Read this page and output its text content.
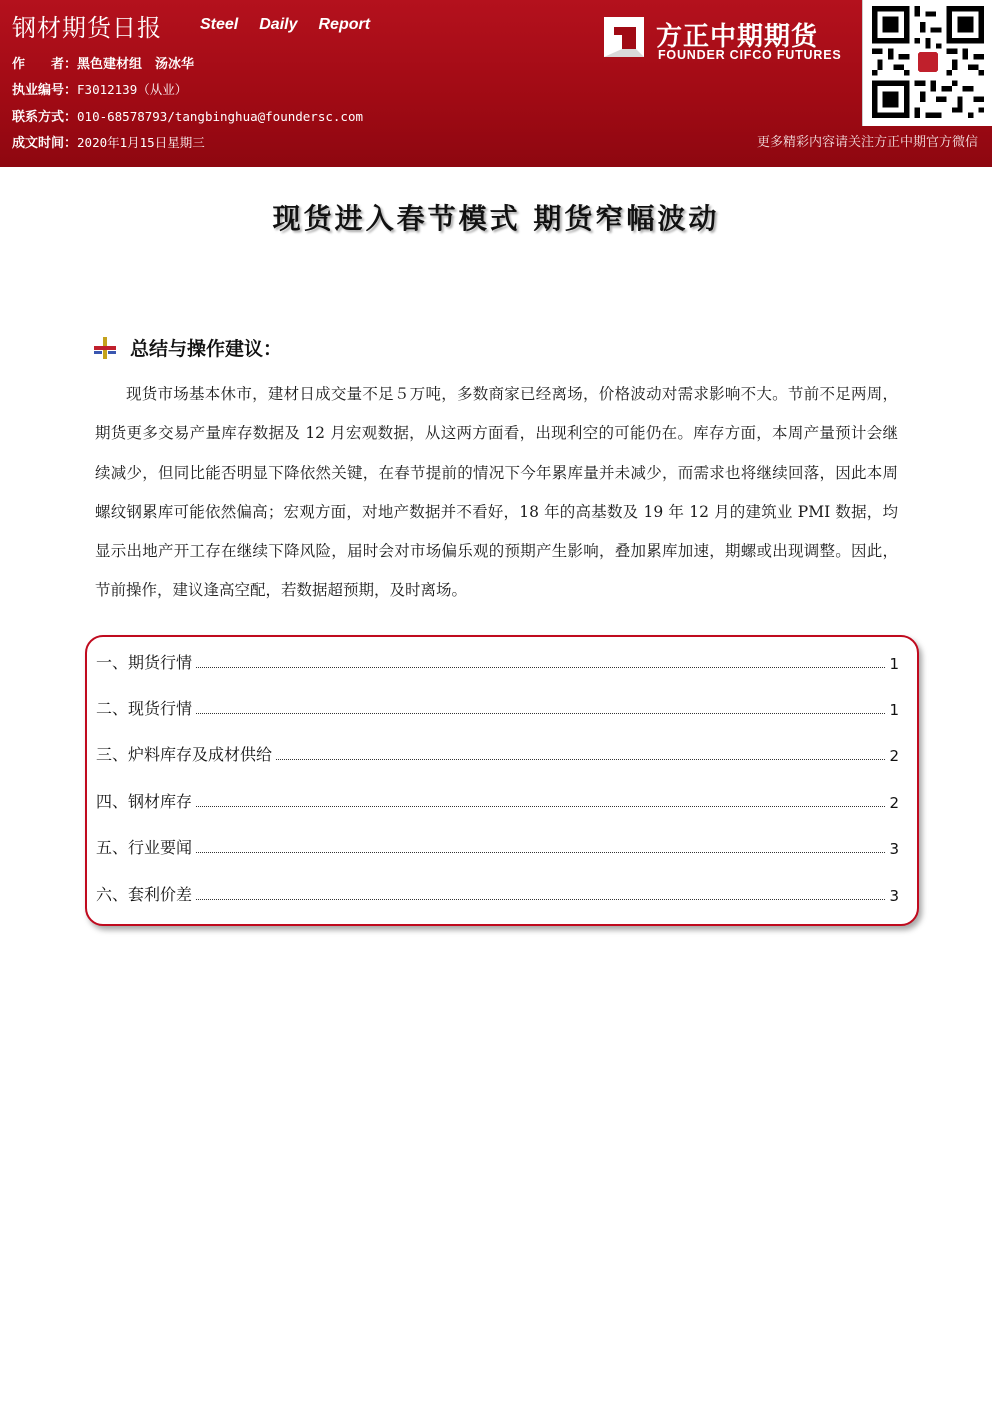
钢材期货日报 Steel Daily Report
作　　者：黑色建材组　汤冰华
执业编号：F3012139（从业）
联系方式：010-68578793/tangbinghua@foundersc.com
成文时间：2020年1月15日星期三
方正中期期货
FOUNDER CIFCO FUTURES
更多精彩内容请关注方正中期官方微信
现货进入春节模式 期货窄幅波动
总结与操作建议：
现货市场基本休市，建材日成交量不足５万吨，多数商家已经离场，价格波动对需求影响不大。节前不足两周，期货更多交易产量库存数据及 12 月宏观数据，从这两方面看，出现利空的可能仍在。库存方面，本周产量预计会继续减少，但同比能否明显下降依然关键，在春节提前的情况下今年累库量并未减少，而需求也将继续回落，因此本周螺纹钢累库可能依然偏高；宏观方面，对地产数据并不看好，18 年的高基数及 19 年 12 月的建筑业 PMI 数据，均显示出地产开工存在继续下降风险，届时会对市场偏乐观的预期产生影响，叠加累库加速，期螺或出现调整。因此，节前操作，建议逢高空配，若数据超预期，及时离场。
一、期货行情	1
二、现货行情	1
三、炉料库存及成材供给	2
四、钢材库存	2
五、行业要闻	3
六、套利价差	3
